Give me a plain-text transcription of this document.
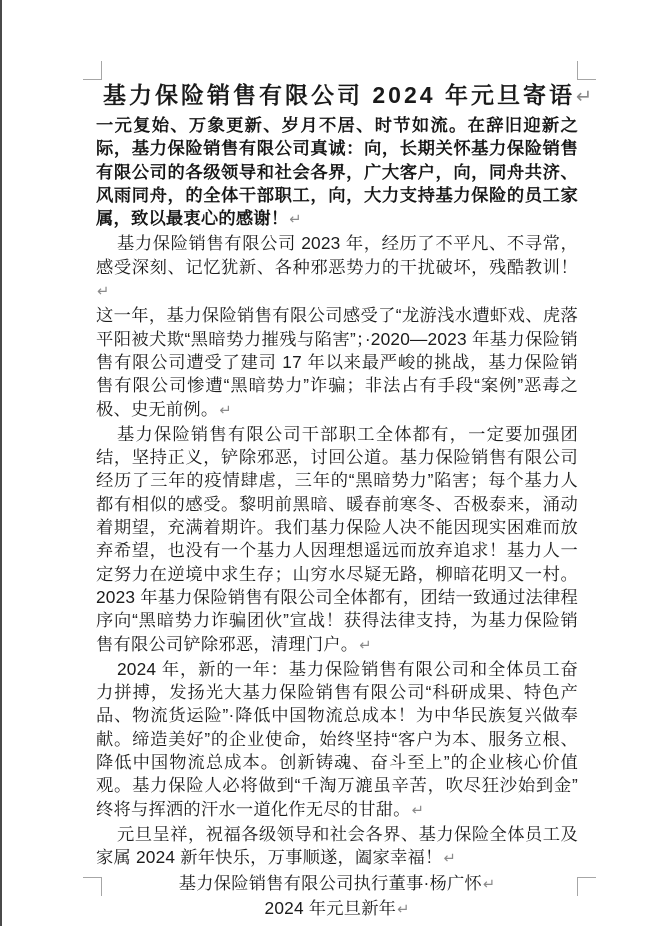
基力保险销售有限公司 2024 年元旦寄语↵

一元复始、万象更新、岁月不居、时节如流。在辞旧迎新之际，基力保险销售有限公司真诚：向，长期关怀基力保险销售有限公司的各级领导和社会各界，广大客户，向，同舟共济、风雨同舟，的全体干部职工，向，大力支持基力保险的员工家属，致以最衷心的感谢！↵

基力保险销售有限公司 2023 年，经历了不平凡、不寻常，感受深刻、记忆犹新、各种邪恶势力的干扰破坏，残酷教训！↵

这一年，基力保险销售有限公司感受了“龙游浅水遭虾戏、虎落平阳被犬欺“黑暗势力摧残与陷害”；·2020—2023 年基力保险销售有限公司遭受了建司 17 年以来最严峻的挑战，基力保险销售有限公司惨遭“黑暗势力”诈骗；非法占有手段“案例”恶毒之极、史无前例。↵

基力保险销售有限公司干部职工全体都有，一定要加强团结，坚持正义，铲除邪恶，讨回公道。基力保险销售有限公司经历了三年的疫情肆虐，三年的“黑暗势力”陷害；每个基力人都有相似的感受。黎明前黑暗、暖春前寒冬、否极泰来，涌动着期望，充满着期许。我们基力保险人决不能因现实困难而放弃希望，也没有一个基力人因理想遥远而放弃追求！基力人一定努力在逆境中求生存；山穷水尽疑无路，柳暗花明又一村。2023 年基力保险销售有限公司全体都有，团结一致通过法律程序向“黑暗势力诈骗团伙”宣战！获得法律支持，为基力保险销售有限公司铲除邪恶，清理门户。↵

2024 年，新的一年：基力保险销售有限公司和全体员工奋力拼搏，发扬光大基力保险销售有限公司“科研成果、特色产品、物流货运险”·降低中国物流总成本！为中华民族复兴做奉献。缔造美好”的企业使命，始终坚持“客户为本、服务立根、降低中国物流总成本。创新铸魂、奋斗至上”的企业核心价值观。基力保险人必将做到“千淘万漉虽辛苦，吹尽狂沙始到金”终将与挥洒的汗水一道化作无尽的甘甜。↵

元旦呈祥，祝福各级领导和社会各界、基力保险全体员工及家属 2024 新年快乐，万事顺遂，阖家幸福！↵

基力保险销售有限公司执行董事·杨广怀↵

2024 年元旦新年↵
